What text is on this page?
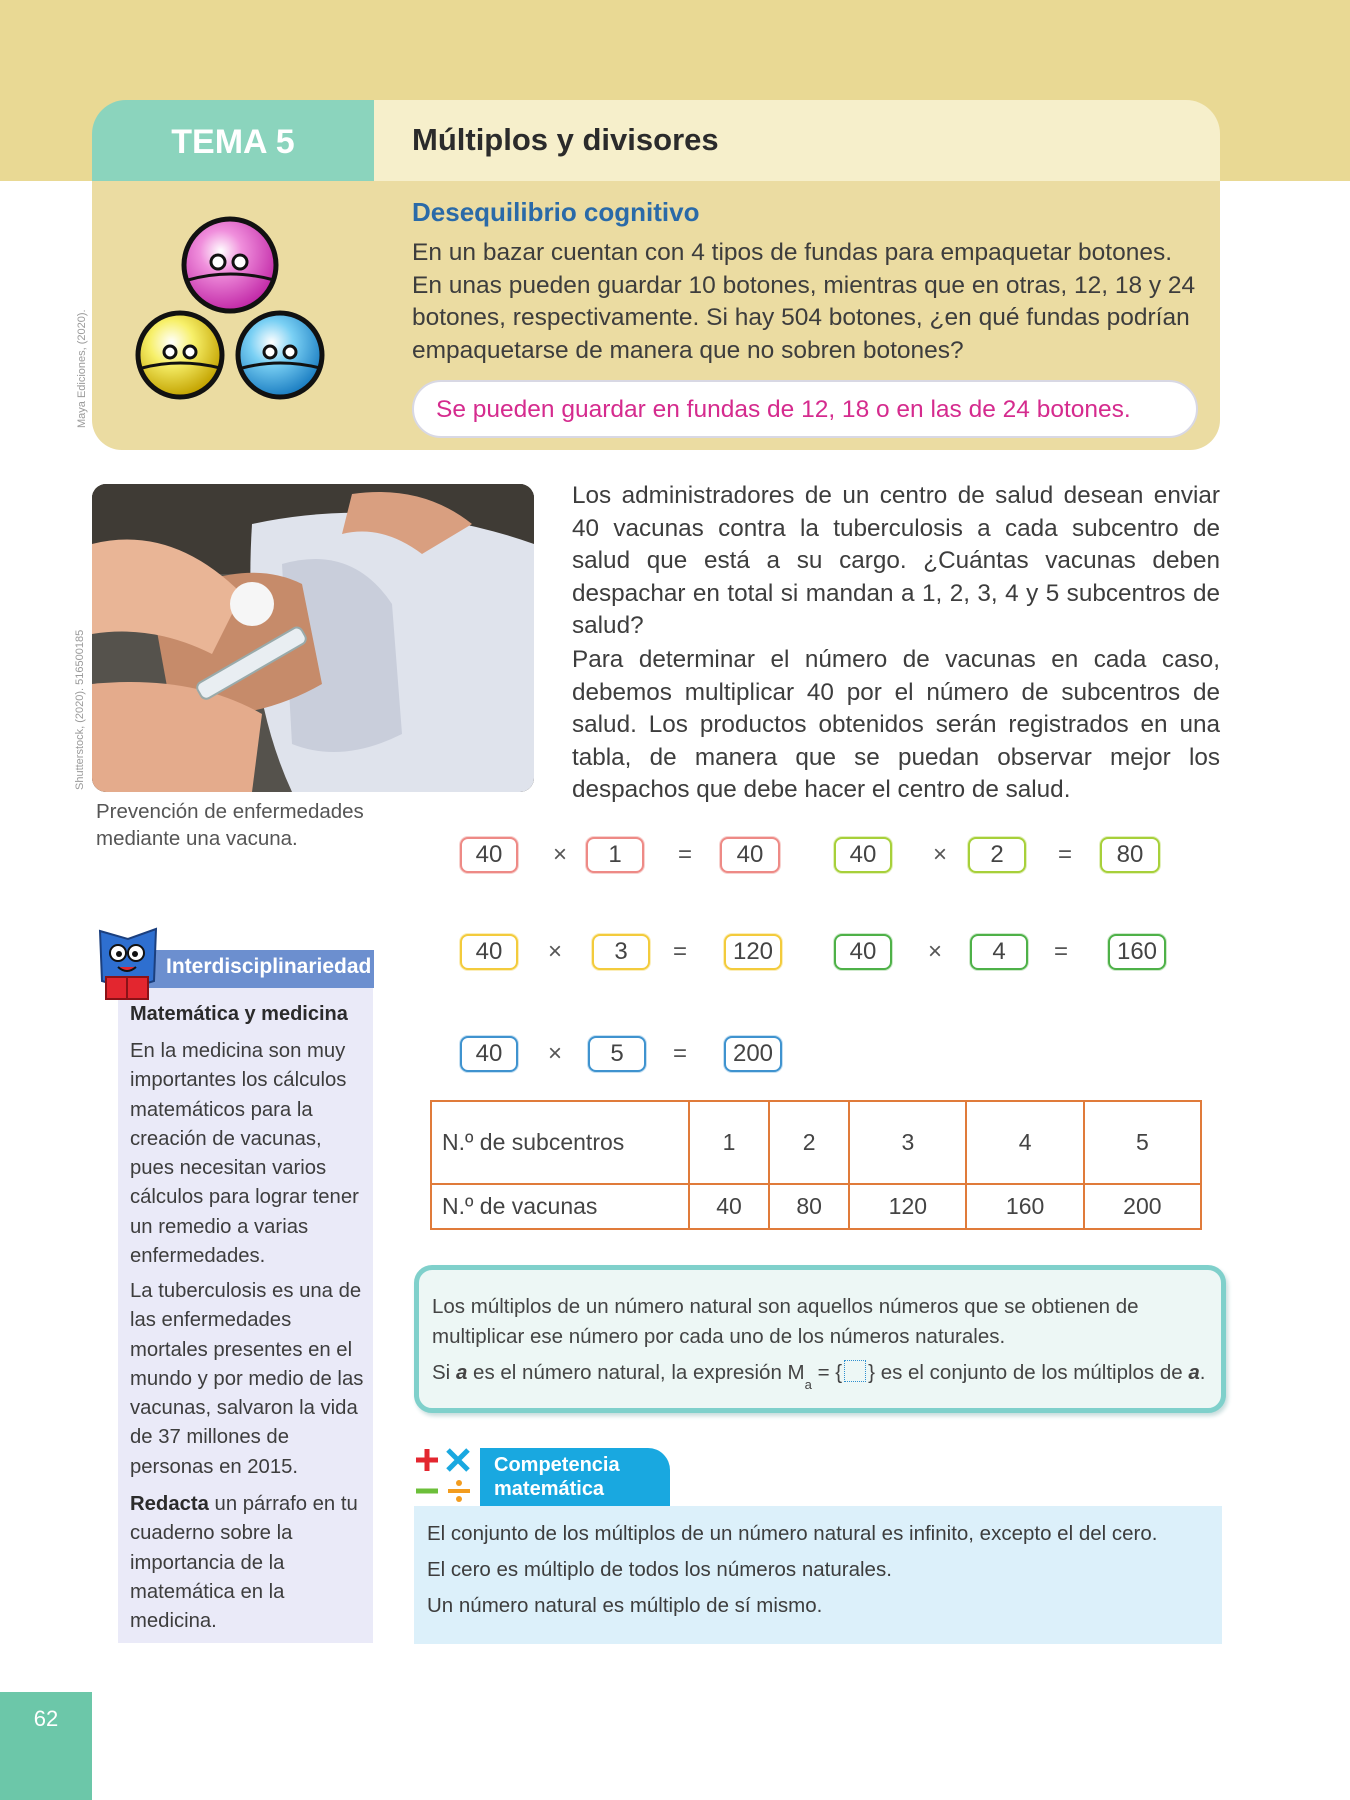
TEMA 5	Múltiplos y divisores
Desequilibrio cognitivo
En un bazar cuentan con 4 tipos de fundas para empaquetar botones. En unas pueden guardar 10 botones, mientras que en otras, 12, 18 y 24 botones, respectivamente. Si hay 504 botones, ¿en qué fundas podrían empaquetarse de manera que no sobren botones?
Se pueden guardar en fundas de 12, 18 o en las de 24 botones.
Maya Ediciones, (2020).
Shutterstock, (2020). 516500185
Prevención de enfermedades mediante una vacuna.
Los administradores de un centro de salud desean enviar 40 vacunas contra la tuberculosis a cada subcentro de salud que está a su cargo. ¿Cuántas vacunas deben despachar en total si mandan a 1, 2, 3, 4 y 5 subcentros de salud?
Para determinar el número de vacunas en cada caso, debemos multiplicar 40 por el número de subcentros de salud. Los productos obtenidos serán registrados en una tabla, de manera que se puedan observar mejor los despachos que debe hacer el centro de salud.
40	×	1	=	40	40	×	2	=	80
40	×	3	=	120	40	×	4	=	160
40	×	5	=	200
N.º de subcentros	1	2	3	4	5
N.º de vacunas	40	80	120	160	200
Los múltiplos de un número natural son aquellos números que se obtienen de
multiplicar ese número por cada uno de los números naturales.
Si a es el número natural, la expresión $M_a$ = { } es el conjunto de los múltiplos de a.
Competencia matemática
El conjunto de los múltiplos de un número natural es infinito, excepto el del cero.
El cero es múltiplo de todos los números naturales.
Un número natural es múltiplo de sí mismo.
Interdisciplinariedad
Matemática y medicina
En la medicina son muy importantes los cálculos matemáticos para la creación de vacunas, pues necesitan varios cálculos para lograr tener un remedio a varias enfermedades.
La tuberculosis es una de las enfermedades mortales presentes en el mundo y por medio de las vacunas, salvaron la vida de 37 millones de personas en 2015.
Redacta un párrafo en tu cuaderno sobre la importancia de la matemática en la medicina.
62
